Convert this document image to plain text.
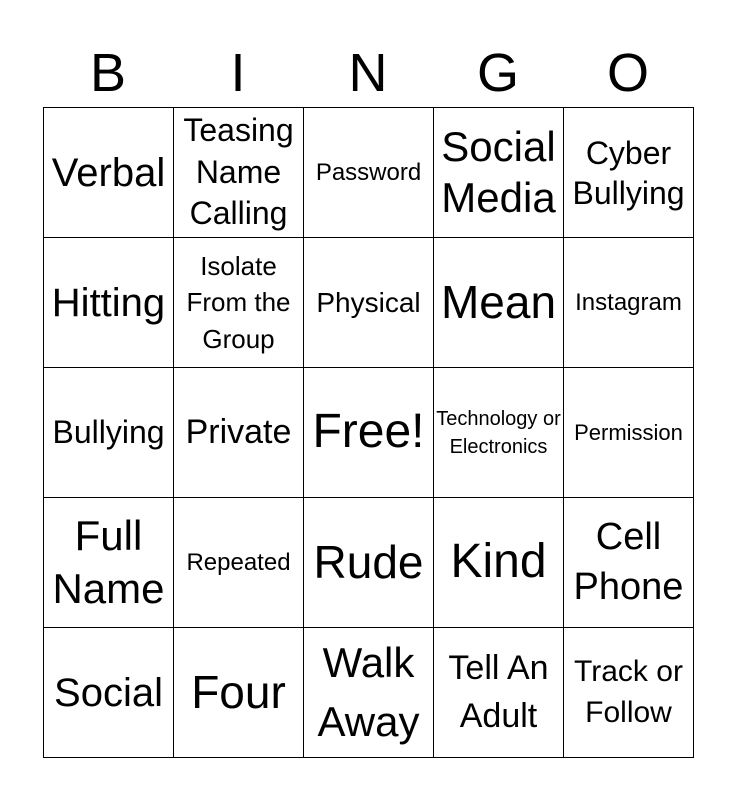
B	I	N	G	O
Verbal	Teasing Name Calling	Password	Social Media	Cyber Bullying
Hitting	Isolate From the Group	Physical	Mean	Instagram
Bullying	Private	Free!	Technology or Electronics	Permission
Full Name	Repeated	Rude	Kind	Cell Phone
Social	Four	Walk Away	Tell An Adult	Track or Follow
